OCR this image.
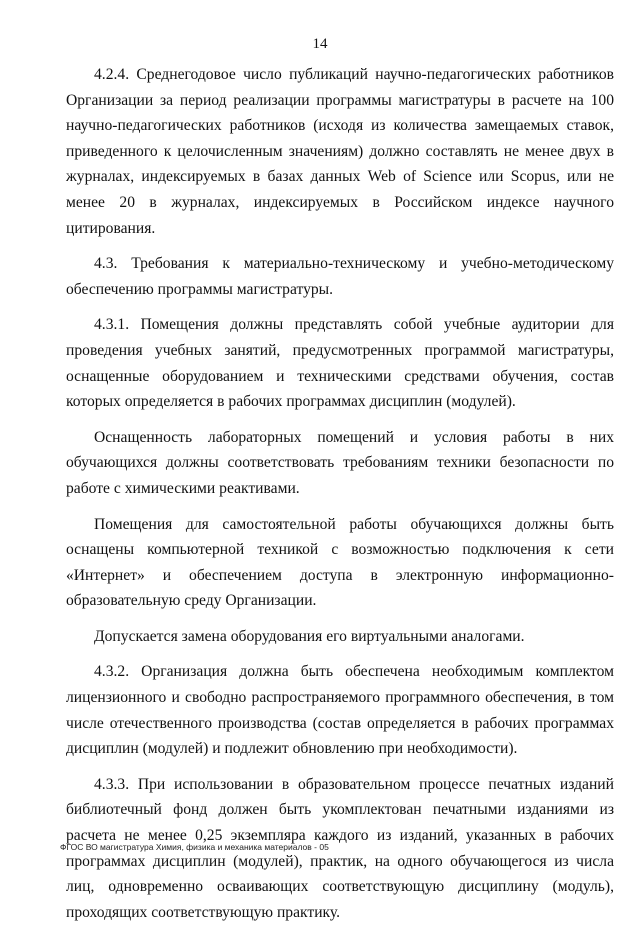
14

4.2.4. Среднегодовое число публикаций научно-педагогических работников Организации за период реализации программы магистратуры в расчете на 100 научно-педагогических работников (исходя из количества замещаемых ставок, приведенного к целочисленным значениям) должно составлять не менее двух в журналах, индексируемых в базах данных Web of Science или Scopus, или не менее 20 в журналах, индексируемых в Российском индексе научного цитирования.

4.3. Требования к материально-техническому и учебно-методическому обеспечению программы магистратуры.

4.3.1. Помещения должны представлять собой учебные аудитории для проведения учебных занятий, предусмотренных программой магистратуры, оснащенные оборудованием и техническими средствами обучения, состав которых определяется в рабочих программах дисциплин (модулей).

Оснащенность лабораторных помещений и условия работы в них обучающихся должны соответствовать требованиям техники безопасности по работе с химическими реактивами.

Помещения для самостоятельной работы обучающихся должны быть оснащены компьютерной техникой с возможностью подключения к сети «Интернет» и обеспечением доступа в электронную информационно-образовательную среду Организации.

Допускается замена оборудования его виртуальными аналогами.

4.3.2. Организация должна быть обеспечена необходимым комплектом лицензионного и свободно распространяемого программного обеспечения, в том числе отечественного производства (состав определяется в рабочих программах дисциплин (модулей) и подлежит обновлению при необходимости).

4.3.3. При использовании в образовательном процессе печатных изданий библиотечный фонд должен быть укомплектован печатными изданиями из расчета не менее 0,25 экземпляра каждого из изданий, указанных в рабочих программах дисциплин (модулей), практик, на одного обучающегося из числа лиц, одновременно осваивающих соответствующую дисциплину (модуль), проходящих соответствующую практику.

ФГОС ВО магистратура Химия, физика и механика материалов - 05
